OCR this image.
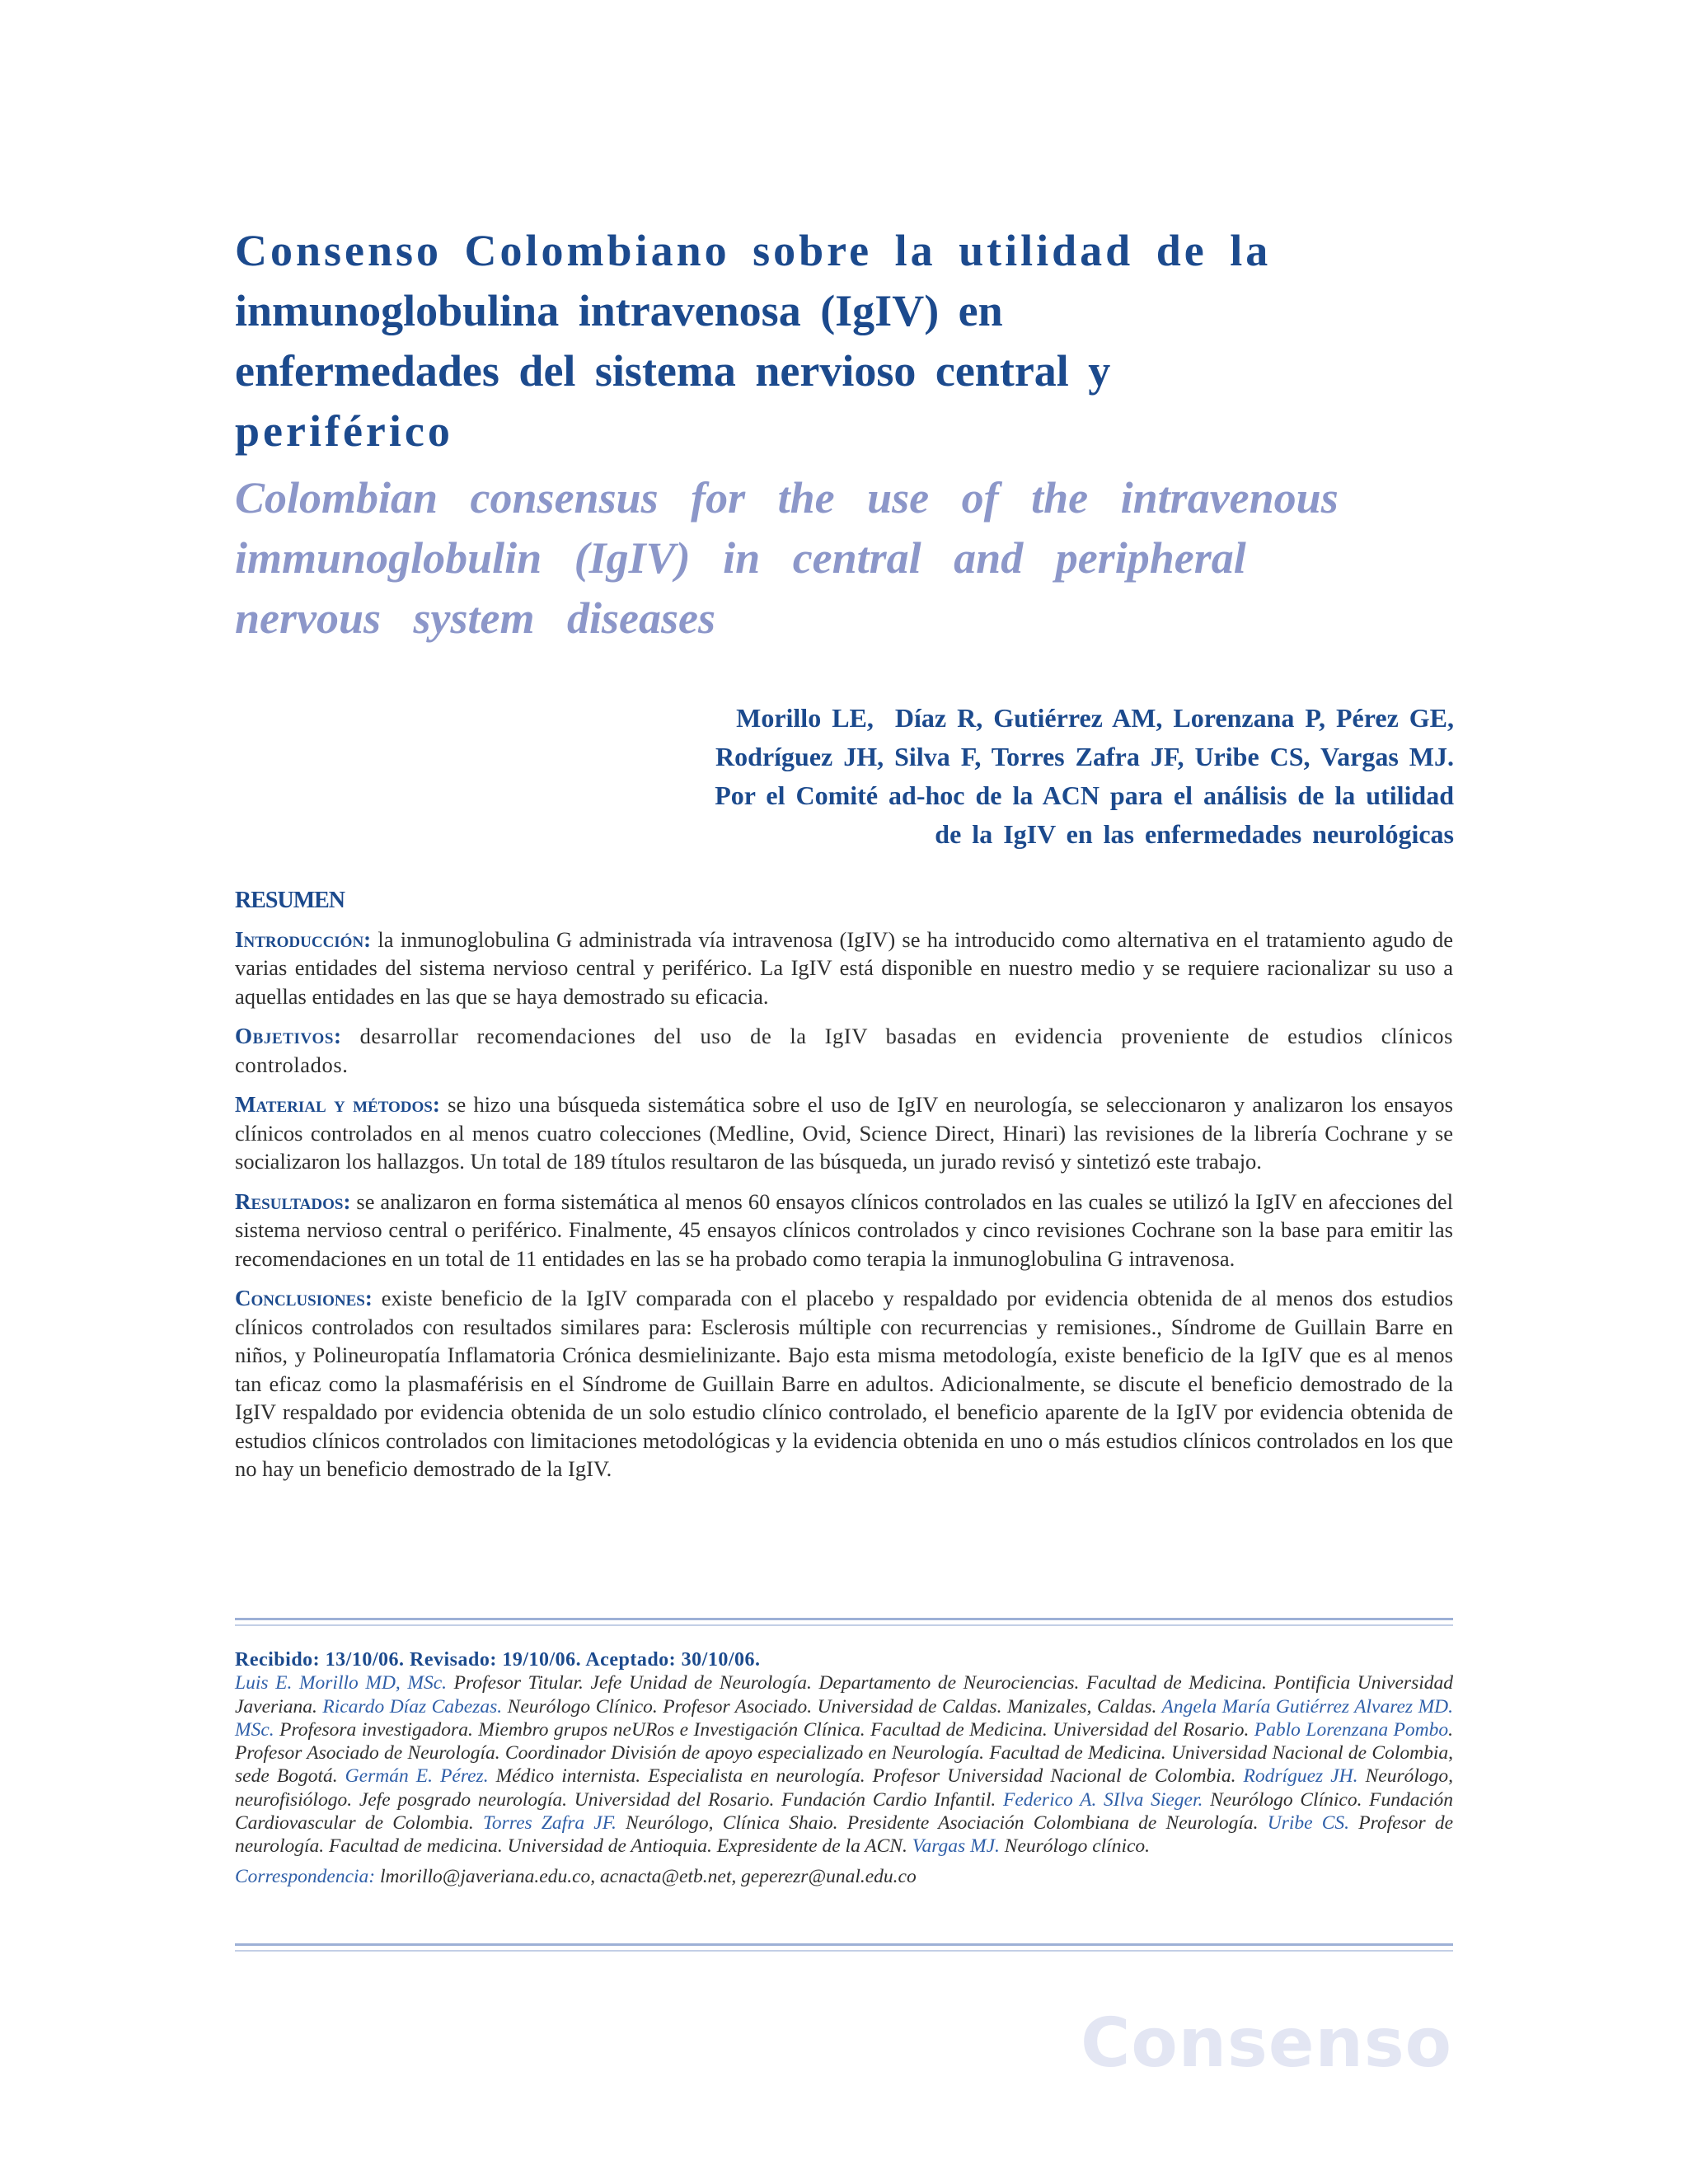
Consenso Colombiano sobre la utilidad de la
inmunoglobulina intravenosa (IgIV) en
enfermedades del sistema nervioso central y
periférico
Colombian consensus for the use of the intravenous
immunoglobulin (IgIV) in central and peripheral
nervous system diseases
Morillo LE,  Díaz R, Gutiérrez AM, Lorenzana P, Pérez GE,
Rodríguez JH, Silva F, Torres Zafra JF, Uribe CS, Vargas MJ.
Por el Comité ad-hoc de la ACN para el análisis de la utilidad
de la IgIV en las enfermedades neurológicas
RESUMEN

Introducción: la inmunoglobulina G administrada vía intravenosa (IgIV) se ha introducido como alternativa en el tratamiento agudo de varias entidades del sistema nervioso central y periférico. La IgIV está disponible en nuestro medio y se requiere racionalizar su uso a aquellas entidades en las que se haya demostrado su eficacia.

Objetivos: desarrollar recomendaciones del uso de la IgIV basadas en evidencia proveniente de estudios clínicos controlados.

Material y métodos: se hizo una búsqueda sistemática sobre el uso de IgIV en neurología, se seleccionaron y analizaron los ensayos clínicos controlados en al menos cuatro colecciones (Medline, Ovid, Science Direct, Hinari) las revisiones de la librería Cochrane y se socializaron los hallazgos. Un total de 189 títulos resultaron de las búsqueda, un jurado revisó y sintetizó este trabajo.

Resultados: se analizaron en forma sistemática al menos 60 ensayos clínicos controlados en las cuales se utilizó la IgIV en afecciones del sistema nervioso central o periférico. Finalmente, 45 ensayos clínicos controlados y cinco revisiones Cochrane son la base para emitir las recomendaciones en un total de 11 entidades en las se ha probado como terapia la inmunoglobulina G intravenosa.

Conclusiones: existe beneficio de la IgIV comparada con el placebo y respaldado por evidencia obtenida de al menos dos estudios clínicos controlados con resultados similares para: Esclerosis múltiple con recurrencias y remisiones., Síndrome de Guillain Barre en niños, y Polineuropatía Inflamatoria Crónica desmielinizante. Bajo esta misma metodología, existe beneficio de la IgIV que es al menos tan eficaz como la plasmaférisis en el Síndrome de Guillain Barre en adultos. Adicionalmente, se discute el beneficio demostrado de la IgIV respaldado por evidencia obtenida de un solo estudio clínico controlado, el beneficio aparente de la IgIV por evidencia obtenida de estudios clínicos controlados con limitaciones metodológicas y la evidencia obtenida en uno o más estudios clínicos controlados en los que no hay un beneficio demostrado de la IgIV.

Recibido: 13/10/06. Revisado: 19/10/06. Aceptado: 30/10/06.
Luis E. Morillo MD, MSc. Profesor Titular. Jefe Unidad de Neurología. Departamento de Neurociencias. Facultad de Medicina. Pontificia Universidad Javeriana. Ricardo Díaz Cabezas. Neurólogo Clínico. Profesor Asociado. Universidad de Caldas. Manizales, Caldas. Angela María Gutiérrez Alvarez MD. MSc. Profesora investigadora. Miembro grupos neURos e Investigación Clínica. Facultad de Medicina. Universidad del Rosario. Pablo Lorenzana Pombo. Profesor Asociado de Neurología. Coordinador División de apoyo especializado en Neurología. Facultad de Medicina. Universidad Nacional de Colombia, sede Bogotá. Germán E. Pérez. Médico internista. Especialista en neurología. Profesor Universidad Nacional de Colombia. Rodríguez JH. Neurólogo, neurofisiólogo. Jefe posgrado neurología. Universidad del Rosario. Fundación Cardio Infantil. Federico A. SIlva Sieger. Neurólogo Clínico. Fundación Cardiovascular de Colombia. Torres Zafra JF. Neurólogo, Clínica Shaio. Presidente Asociación Colombiana de Neurología. Uribe CS. Profesor de neurología. Facultad de medicina. Universidad de Antioquia. Expresidente de la ACN. Vargas MJ. Neurólogo clínico.
Correspondencia: lmorillo@javeriana.edu.co, acnacta@etb.net, geperezr@unal.edu.co
Consenso
